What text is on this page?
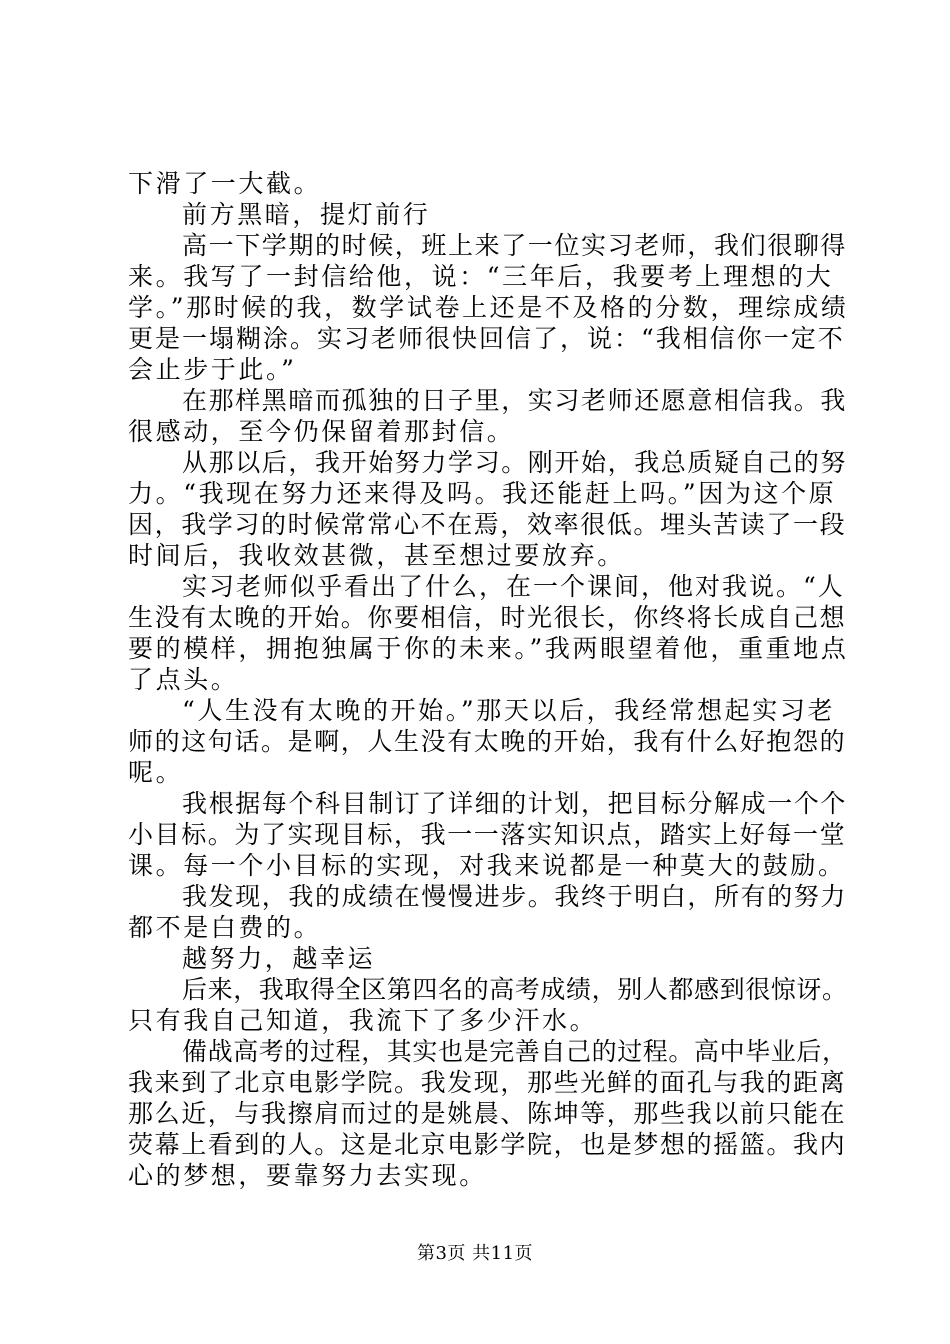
下滑了一大截。
前方黑暗，提灯前行
高一下学期的时候，班上来了一位实习老师，我们很聊得
来。我写了一封信给他，说：“三年后，我要考上理想的大
学。”那时候的我，数学试卷上还是不及格的分数，理综成绩
更是一塌糊涂。实习老师很快回信了，说：“我相信你一定不
会止步于此。”
在那样黑暗而孤独的日子里，实习老师还愿意相信我。我
很感动，至今仍保留着那封信。
从那以后，我开始努力学习。刚开始，我总质疑自己的努
力。“我现在努力还来得及吗。我还能赶上吗。”因为这个原
因，我学习的时候常常心不在焉，效率很低。埋头苦读了一段
时间后，我收效甚微，甚至想过要放弃。
实习老师似乎看出了什么，在一个课间，他对我说。“人
生没有太晚的开始。你要相信，时光很长，你终将长成自己想
要的模样，拥抱独属于你的未来。”我两眼望着他，重重地点
了点头。
“人生没有太晚的开始。”那天以后，我经常想起实习老
师的这句话。是啊，人生没有太晚的开始，我有什么好抱怨的
呢。
我根据每个科目制订了详细的计划，把目标分解成一个个
小目标。为了实现目标，我一一落实知识点，踏实上好每一堂
课。每一个小目标的实现，对我来说都是一种莫大的鼓励。
我发现，我的成绩在慢慢进步。我终于明白，所有的努力
都不是白费的。
越努力，越幸运
后来，我取得全区第四名的高考成绩，别人都感到很惊讶。
只有我自己知道，我流下了多少汗水。
備战高考的过程，其实也是完善自己的过程。高中毕业后，
我来到了北京电影学院。我发现，那些光鲜的面孔与我的距离
那么近，与我擦肩而过的是姚晨、陈坤等，那些我以前只能在
荧幕上看到的人。这是北京电影学院，也是梦想的摇篮。我内
心的梦想，要靠努力去实现。
第3页 共11页
